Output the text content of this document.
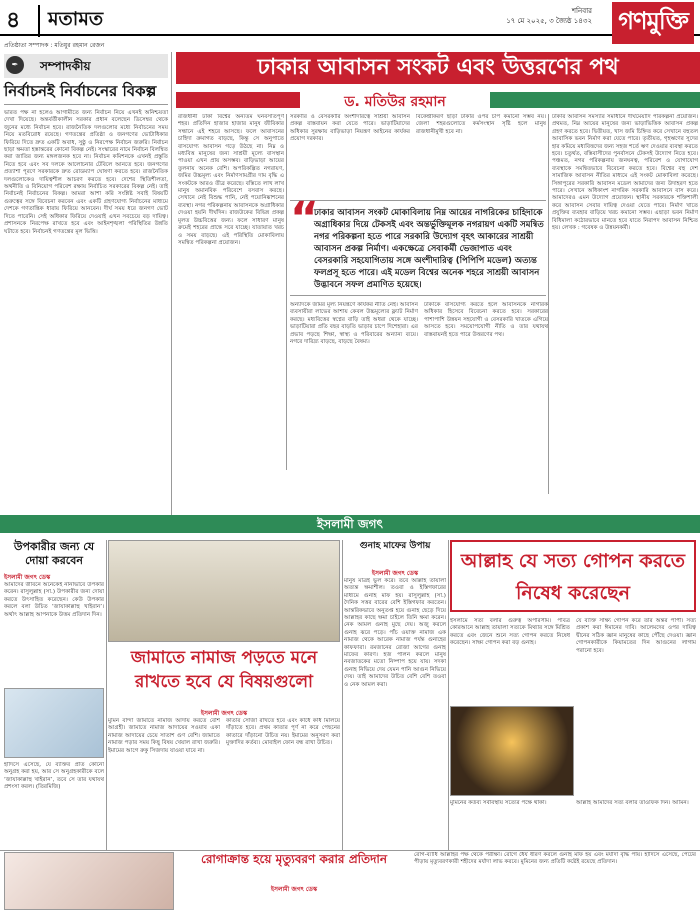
৪	মতামত	শনিবার
১৭ মে ২০২৫, ৩ জ্যৈষ্ঠ ১৪৩২ গণমুক্তি
প্রতিষ্ঠাতা সম্পাদক : মতিয়ুর রহমান রেজন
✒	সম্পাদকীয়
নির্বাচনই নির্বাচনের বিকল্প
ভারত পক্ষ না হলেও আগামীতে জন্য নির্বাচন নিয়ে এখনই অনিশ্চয়তা দেখা দিয়েছে। অন্তর্বর্তীকালীন সরকার প্রধান বলেছেন ডিসেম্বর থেকে জুনের মধ্যে নির্বাচন হবে। রাজনৈতিক দলগুলোর মধ্যে নির্বাচনের সময় নিয়ে মতবিরোধ রয়েছে। গণতন্ত্রের প্রতিষ্ঠা ও জনগণের ভোটাধিকার ফিরিয়ে দিতে দ্রুত একটি অবাধ, সুষ্ঠু ও নিরপেক্ষ নির্বাচন জরুরি। নির্বাচন ছাড়া ক্ষমতা হস্তান্তরের কোনো বিকল্প নেই। সংস্কারের নামে নির্বাচন বিলম্বিত করা জাতির জন্য মঙ্গলজনক হবে না। নির্বাচন কমিশনকে এখনই প্রস্তুতি নিতে হবে এবং সব দলকে আলোচনার টেবিলে আনতে হবে। জনগণের প্রত্যাশা পূরণে সরকারকে দ্রুত রোডম্যাপ ঘোষণা করতে হবে। রাজনৈতিক দলগুলোকেও দায়িত্বশীল আচরণ করতে হবে। দেশের স্থিতিশীলতা, অর্থনীতি ও বিনিয়োগ পরিবেশ রক্ষায় নির্বাচিত সরকারের বিকল্প নেই। তাই নির্বাচনই নির্বাচনের বিকল্প। আমরা আশা করি সংশ্লিষ্ট সবাই বিষয়টি গুরুত্বের সঙ্গে বিবেচনা করবেন এবং একটি গ্রহণযোগ্য নির্বাচনের মাধ্যমে দেশকে গণতান্ত্রিক ধারায় ফিরিয়ে আনবেন। দীর্ঘ সময় ধরে জনগণ ভোট দিতে পারেনি। সেই অধিকার ফিরিয়ে দেওয়াই এখন সবচেয়ে বড় দায়িত্ব। প্রশাসনকে নিরপেক্ষ রাখতে হবে এবং আইনশৃঙ্খলা পরিস্থিতির উন্নতি ঘটাতে হবে। নির্বাচনই গণতন্ত্রের মূল ভিত্তি।
ঢাকার আবাসন সংকট এবং উত্তরণের পথ
ড. মতিউর রহমান
রাজধানী ঢাকা বিশ্বের অন্যতম ঘনবসতিপূর্ণ শহর। প্রতিদিন হাজার হাজার মানুষ জীবিকার সন্ধানে এই শহরে আসছে। ফলে আবাসনের চাহিদা ক্রমাগত বাড়ছে, কিন্তু সে অনুপাতে বাসযোগ্য আবাসন গড়ে উঠছে না। নিম্ন ও মধ্যবিত্ত মানুষের জন্য সাশ্রয়ী মূল্যে বাসস্থান পাওয়া এখন প্রায় অসম্ভব। বাড়িভাড়া আয়ের তুলনায় অনেক বেশি। অপরিকল্পিত নগরায়ণ, জমির উচ্চমূল্য এবং নির্মাণসামগ্রীর দাম বৃদ্ধি এ সংকটকে আরও তীব্র করেছে। বস্তিতে লাখ লাখ মানুষ অমানবিক পরিবেশে বসবাস করছে। সেখানে নেই বিশুদ্ধ পানি, নেই পয়োনিষ্কাশনের ব্যবস্থা। নগর পরিকল্পনায় আবাসনকে অগ্রাধিকার দেওয়া হয়নি দীর্ঘদিন। রাজউকের বিভিন্ন প্রকল্প মূলত উচ্চবিত্তের জন্য। ফলে সাধারণ মানুষ ক্রমেই শহরের প্রান্তে সরে যাচ্ছে। যাতায়াত খরচ ও সময় বাড়ছে। এই পরিস্থিতি মোকাবিলায় সমন্বিত পরিকল্পনা প্রয়োজন।
সরকারি ও বেসরকারি অংশীদারত্বে সাশ্রয়ী আবাসন প্রকল্প বাস্তবায়ন করা যেতে পারে। ভাড়াটিয়াদের অধিকার সুরক্ষায় বাড়িভাড়া নিয়ন্ত্রণ আইনের কার্যকর প্রয়োগ দরকার।
বিকেন্দ্রীকরণ ছাড়া ঢাকার ওপর চাপ কমানো সম্ভব নয়। জেলা শহরগুলোতে কর্মসংস্থান সৃষ্টি হলে মানুষ রাজধানীমুখী হবে না।
ঢাকার আবাসন সমস্যার সমাধানে দীর্ঘমেয়াদি পরিকল্পনা প্রয়োজন। প্রথমত, নিম্ন আয়ের মানুষের জন্য ভাড়াভিত্তিক আবাসন প্রকল্প গ্রহণ করতে হবে। দ্বিতীয়ত, খাস জমি চিহ্নিত করে সেখানে বহুতল আবাসিক ভবন নির্মাণ করা যেতে পারে। তৃতীয়ত, গৃহঋণের সুদের হার কমিয়ে মধ্যবিত্তদের জন্য সহজ শর্তে ঋণ দেওয়ার ব্যবস্থা করতে হবে। চতুর্থত, বস্তিবাসীদের পুনর্বাসনে টেকসই উদ্যোগ নিতে হবে। পঞ্চমত, নগর পরিকল্পনায় জনঘনত্ব, পরিবেশ ও যোগাযোগ ব্যবস্থাকে সমন্বিতভাবে বিবেচনা করতে হবে। বিশ্বের বহু দেশ সামাজিক আবাসন নীতির মাধ্যমে এই সংকট মোকাবিলা করেছে। সিঙ্গাপুরের সরকারি আবাসন মডেল আমাদের জন্য উদাহরণ হতে পারে। সেখানে অধিকাংশ নাগরিক সরকারি আবাসনে বাস করে। আমাদেরও এমন উদ্যোগ প্রয়োজন। স্থানীয় সরকারকে শক্তিশালী করে আবাসন সেবার দায়িত্ব দেওয়া যেতে পারে। নির্মাণ খাতে প্রযুক্তির ব্যবহার বাড়িয়ে খরচ কমানো সম্ভব। এছাড়া ভবন নির্মাণ বিধিমালা কঠোরভাবে মানতে হবে যাতে নিরাপদ আবাসন নিশ্চিত হয়। লেখক : গবেষক ও উন্নয়নকর্মী।
“
ঢাকার আবাসন সংকট মোকাবিলায় নিম্ন আয়ের নাগরিকের চাহিদাকে অগ্রাধিকার দিয়ে টেকসই এবং অন্তর্ভুক্তিমূলক নগরায়ণ একটি সমন্বিত নগর পরিকল্পনা হতে পারে সরকারি উদ্যোগ বৃহৎ আকারের সাশ্রয়ী আবাসন প্রকল্প নির্মাণ। একক্ষেত্রে সেবাকর্মী ভেজাপাত এবং বেসরকারি সহযোগিতায় সঙ্গে অংশীদারিত্ব (পিপিপি মডেল) অত্যন্ত ফলপ্রসূ হতে পারে। এই মডেল বিশ্বের অনেক শহরে সাশ্রয়ী আবাসন উদ্ভাবনে সফল প্রমাণিত হয়েছে।
অন্যদিকে জমির মূল্য নিয়ন্ত্রণে কার্যকর নীতি নেই। আবাসন ব্যবসায়ীরা লাভের আশায় কেবল উচ্চমূল্যের ফ্ল্যাট নির্মাণ করছে। মধ্যবিত্তের স্বপ্নের বাড়ি তাই অধরা থেকে যাচ্ছে। ভাড়াটিয়ারা প্রতি বছর বাড়তি ভাড়ার চাপে দিশেহারা। এর প্রভাব পড়ছে শিক্ষা, স্বাস্থ্য ও পরিবারের অন্যান্য ব্যয়ে। নগরে দারিদ্র্য বাড়ছে, বাড়ছে বৈষম্য।
ঢাকাকে বাসযোগ্য করতে হলে আবাসনকে নাগরিক অধিকার হিসেবে বিবেচনা করতে হবে। সরকারের পাশাপাশি উন্নয়ন সহযোগী ও বেসরকারি খাতকে এগিয়ে আসতে হবে। সময়োপযোগী নীতি ও তার যথাযথ বাস্তবায়নই হতে পারে উত্তরণের পথ।
ইসলামী জগৎ
উপকারীর জন্য যে দোয়া করবেন
ইসলামী জগৎ ডেস্ক
আমাদের জীবনে অনেকেই নানাভাবে উপকার করেন। রাসুলুল্লাহ (সা.) উপকারীর জন্য দোয়া করতে উৎসাহিত করেছেন। কেউ উপকার করলে বলা উচিত ‘জাযাকাল্লাহু খাইরান’। অর্থাৎ আল্লাহ আপনাকে উত্তম প্রতিদান দিন।
হাদিসে এসেছে, যে ব্যক্তির প্রতি কোনো অনুগ্রহ করা হয়, আর সে অনুগ্রহকারীকে বলে ‘জাযাকাল্লাহু খাইরান’, তবে সে তার যথাযথ প্রশংসা করল। (তিরমিজি)
জামাতে নামাজ পড়তে মনে রাখতে হবে যে বিষয়গুলো
ইসলামী জগৎ ডেস্ক
মুমিন বান্দা জামাতে নামাজ আদায় করতে বেশি আগ্রহী। জামাতে নামাজ আদায়ের সওয়াব একা নামাজ আদায়ের চেয়ে সাতাশ গুণ বেশি। জামাতে নামাজ পড়ার সময় কিছু বিষয় খেয়াল রাখা জরুরি। ইমামের আগে রুকু সিজদায় যাওয়া যাবে না।
কাতার সোজা রাখতে হবে এবং কাঁধে কাঁধ মিলিয়ে দাঁড়াতে হবে। প্রথম কাতার পূর্ণ না করে পেছনের কাতারে দাঁড়ানো উচিত নয়। ইমামের অনুসরণ করা মুক্তাদির কর্তব্য। মোবাইল ফোন বন্ধ রাখা উচিত।
গুনাহ মাফের উপায়
ইসলামী জগৎ ডেস্ক
মানুষ মাত্রই ভুল করে। তবে আল্লাহ তায়ালা অত্যন্ত ক্ষমাশীল। তওবা ও ইস্তিগফারের মাধ্যমে গুনাহ মাফ হয়। রাসুলুল্লাহ (সা.) দৈনিক সত্তর বারের বেশি ইস্তিগফার করতেন। আন্তরিকভাবে অনুতপ্ত হয়ে গুনাহ ছেড়ে দিয়ে আল্লাহর কাছে ক্ষমা চাইলে তিনি ক্ষমা করেন। নেক আমল গুনাহ মুছে দেয়। অজু করলে গুনাহ ঝরে পড়ে। পাঁচ ওয়াক্ত নামাজ এক নামাজ থেকে আরেক নামাজ পর্যন্ত গুনাহের কাফফারা। রমজানের রোজা আগের গুনাহ মাফের কারণ। হজ পালন করলে মানুষ নবজাতকের মতো নিষ্পাপ হয়ে যায়। সদকা গুনাহ নিভিয়ে দেয় যেমন পানি আগুন নিভিয়ে দেয়। তাই আমাদের উচিত বেশি বেশি তওবা ও নেক আমল করা।
আল্লাহ যে সত্য গোপন করতে নিষেধ করেছেন
ইসলামে সত্য বলার গুরুত্ব অপরিসীম। পবিত্র কোরআনে আল্লাহ তায়ালা সত্যকে মিথ্যার সঙ্গে মিশ্রিত করতে এবং জেনে শুনে সত্য গোপন করতে নিষেধ করেছেন। সাক্ষ্য গোপন করা বড় গুনাহ।
যে ব্যক্তি সাক্ষ্য গোপন করে তার অন্তর পাপী। সত্য প্রকাশ করা ঈমানের দাবি। আলেমদের ওপর দায়িত্ব দ্বীনের সঠিক জ্ঞান মানুষের কাছে পৌঁছে দেওয়া। জ্ঞান গোপনকারীকে কিয়ামতের দিন আগুনের লাগাম পরানো হবে।
মুমিনের কর্তব্য সর্বাবস্থায় সত্যের পক্ষে থাকা।	আল্লাহ আমাদের সত্য বলার তাওফিক দিন। আমিন।
রোগাক্রান্ত হয়ে মৃত্যুবরণ করার প্রতিদান
ইসলামী জগৎ ডেস্ক
রোগ-ব্যাধি আল্লাহর পক্ষ থেকে পরীক্ষা। রোগে ধৈর্য ধারণ করলে গুনাহ মাফ হয় এবং মর্যাদা বৃদ্ধি পায়। হাদিসে এসেছে, পেটের পীড়ায় মৃত্যুবরণকারী শহীদের মর্যাদা লাভ করবে। মুমিনের জন্য প্রতিটি কষ্টেই রয়েছে প্রতিদান।
